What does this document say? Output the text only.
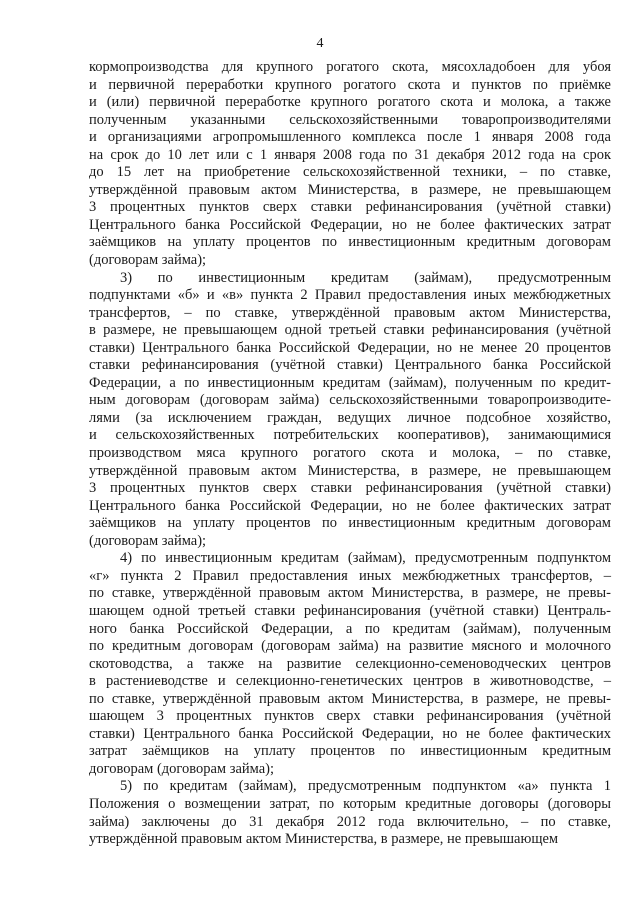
4

кормопроизводства для крупного рогатого скота, мясохладобоен для убоя

и первичной переработки крупного рогатого скота и пунктов по приёмке

и (или) первичной переработке крупного рогатого скота и молока, а также

полученным указанными сельскохозяйственными товаропроизводителями

и организациями агропромышленного комплекса после 1 января 2008 года

на срок до 10 лет или с 1 января 2008 года по 31 декабря 2012 года на срок

до 15 лет на приобретение сельскохозяйственной техники, – по ставке,

утверждённой правовым актом Министерства, в размере, не превышающем

3 процентных пунктов сверх ставки рефинансирования (учётной ставки)

Центрального банка Российской Федерации, но не более фактических затрат

заёмщиков на уплату процентов по инвестиционным кредитным договорам

(договорам займа);

3) по инвестиционным кредитам (займам), предусмотренным

подпунктами «б» и «в» пункта 2 Правил предоставления иных межбюджетных

трансфертов, – по ставке, утверждённой правовым актом Министерства,

в размере, не превышающем одной третьей ставки рефинансирования (учётной

ставки) Центрального банка Российской Федерации, но не менее 20 процентов

ставки рефинансирования (учётной ставки) Центрального банка Российской

Федерации, а по инвестиционным кредитам (займам), полученным по кредит-

ным договорам (договорам займа) сельскохозяйственными товаропроизводите-

лями (за исключением граждан, ведущих личное подсобное хозяйство,

и сельскохозяйственных потребительских кооперативов), занимающимися

производством мяса крупного рогатого скота и молока, – по ставке,

утверждённой правовым актом Министерства, в размере, не превышающем

3 процентных пунктов сверх ставки рефинансирования (учётной ставки)

Центрального банка Российской Федерации, но не более фактических затрат

заёмщиков на уплату процентов по инвестиционным кредитным договорам

(договорам займа);

4) по инвестиционным кредитам (займам), предусмотренным подпунктом

«г» пункта 2 Правил предоставления иных межбюджетных трансфертов, –

по ставке, утверждённой правовым актом Министерства, в размере, не превы-

шающем одной третьей ставки рефинансирования (учётной ставки) Централь-

ного банка Российской Федерации, а по кредитам (займам), полученным

по кредитным договорам (договорам займа) на развитие мясного и молочного

скотоводства, а также на развитие селекционно-семеноводческих центров

в растениеводстве и селекционно-генетических центров в животноводстве, –

по ставке, утверждённой правовым актом Министерства, в размере, не превы-

шающем 3 процентных пунктов сверх ставки рефинансирования (учётной

ставки) Центрального банка Российской Федерации, но не более фактических

затрат заёмщиков на уплату процентов по инвестиционным кредитным

договорам (договорам займа);

5) по кредитам (займам), предусмотренным подпунктом «а» пункта 1

Положения о возмещении затрат, по которым кредитные договоры (договоры

займа) заключены до 31 декабря 2012 года включительно, – по ставке,

утверждённой правовым актом Министерства, в размере, не превышающем
